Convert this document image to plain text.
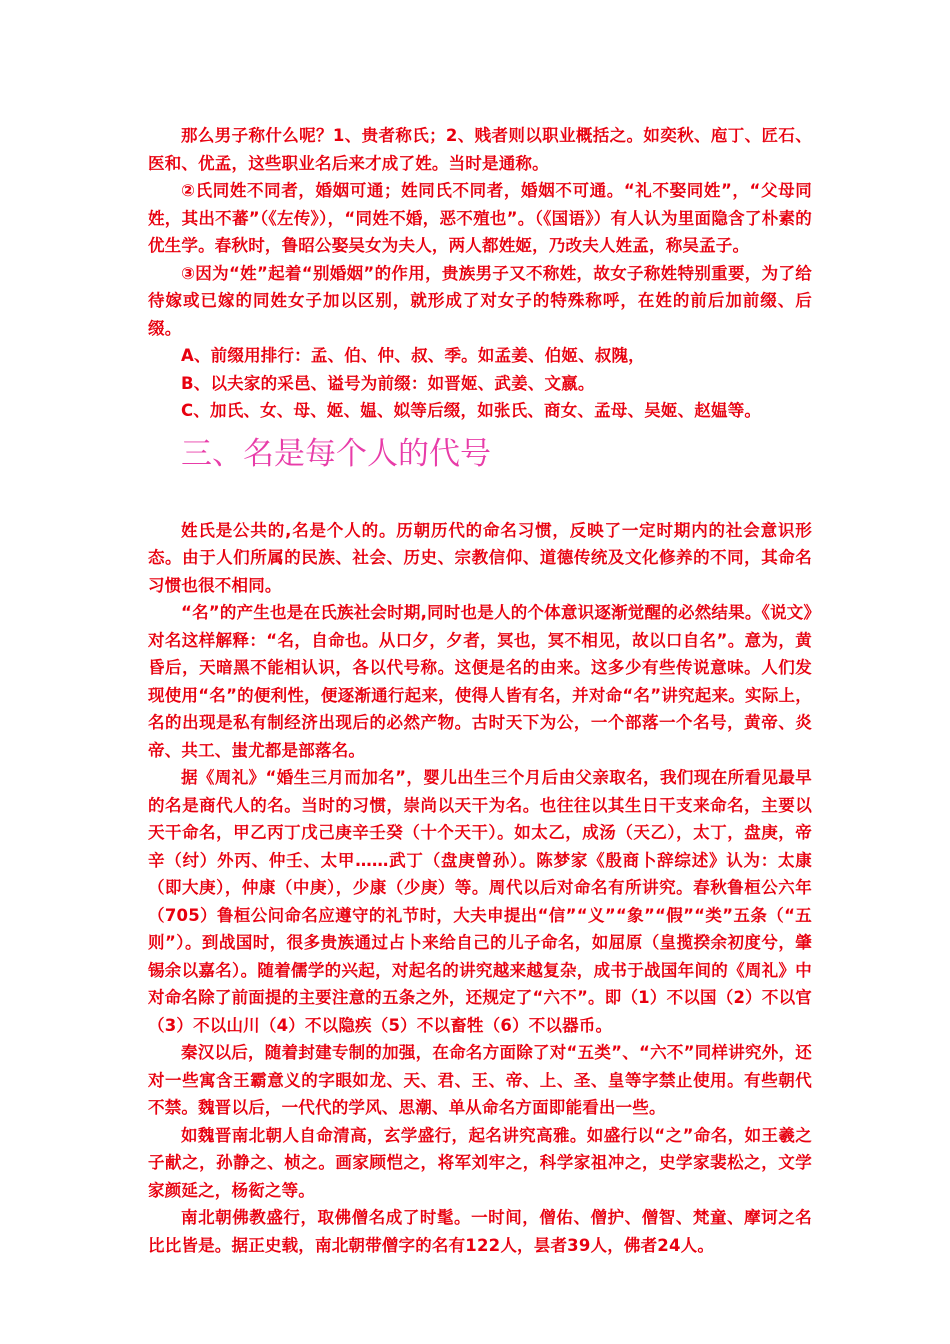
那么男子称什么呢？1、贵者称氏；2、贱者则以职业概括之。如奕秋、庖丁、匠石、医和、优孟，这些职业名后来才成了姓。当时是通称。

②氏同姓不同者，婚姻可通；姓同氏不同者，婚姻不可通。“礼不娶同姓”，“父母同姓，其出不蕃”（《左传》），“同姓不婚，恶不殖也”。（《国语》）有人认为里面隐含了朴素的优生学。春秋时，鲁昭公娶吴女为夫人，两人都姓姬，乃改夫人姓孟，称吴孟子。

③因为“姓”起着“别婚姻”的作用，贵族男子又不称姓，故女子称姓特别重要，为了给待嫁或已嫁的同姓女子加以区别，就形成了对女子的特殊称呼，在姓的前后加前缀、后缀。

A、前缀用排行：孟、伯、仲、叔、季。如孟姜、伯姬、叔隗，

B、以夫家的采邑、谥号为前缀：如晋姬、武姜、文嬴。

C、加氏、女、母、姬、媪、姒等后缀，如张氏、商女、孟母、吴姬、赵媪等。

三、名是每个人的代号

姓氏是公共的,名是个人的。历朝历代的命名习惯，反映了一定时期内的社会意识形态。由于人们所属的民族、社会、历史、宗教信仰、道德传统及文化修养的不同，其命名习惯也很不相同。

“名”的产生也是在氏族社会时期,同时也是人的个体意识逐渐觉醒的必然结果。《说文》对名这样解释：“名，自命也。从口夕，夕者，冥也，冥不相见，故以口自名”。意为，黄昏后，天暗黑不能相认识，各以代号称。这便是名的由来。这多少有些传说意味。人们发现使用“名”的便利性，便逐渐通行起来，使得人皆有名，并对命“名”讲究起来。实际上，名的出现是私有制经济出现后的必然产物。古时天下为公，一个部落一个名号，黄帝、炎帝、共工、蚩尤都是部落名。

据《周礼》“婚生三月而加名”，婴儿出生三个月后由父亲取名，我们现在所看见最早的名是商代人的名。当时的习惯，崇尚以天干为名。也往往以其生日干支来命名，主要以天干命名，甲乙丙丁戊己庚辛壬癸（十个天干）。如太乙，成汤（天乙），太丁，盘庚，帝辛（纣）外丙、仲壬、太甲……武丁（盘庚曾孙）。陈梦家《殷商卜辞综述》认为：太康（即大庚），仲康（中庚），少康（少庚）等。周代以后对命名有所讲究。春秋鲁桓公六年（705）鲁桓公问命名应遵守的礼节时，大夫申提出“信”“义”“象”“假”“类”五条（“五则”）。到战国时，很多贵族通过占卜来给自己的儿子命名，如屈原（皇揽揆余初度兮，肇锡余以嘉名）。随着儒学的兴起，对起名的讲究越来越复杂，成书于战国年间的《周礼》中对命名除了前面提的主要注意的五条之外，还规定了“六不”。即（1）不以国（2）不以官（3）不以山川（4）不以隐疾（5）不以畜牲（6）不以器币。

秦汉以后，随着封建专制的加强，在命名方面除了对“五类”、“六不”同样讲究外，还对一些寓含王霸意义的字眼如龙、天、君、王、帝、上、圣、皇等字禁止使用。有些朝代不禁。魏晋以后，一代代的学风、思潮、单从命名方面即能看出一些。

如魏晋南北朝人自命清高，玄学盛行，起名讲究高雅。如盛行以“之”命名，如王羲之子献之，孙静之、桢之。画家顾恺之，将军刘牢之，科学家祖冲之，史学家裴松之，文学家颜延之，杨衒之等。

南北朝佛教盛行，取佛僧名成了时髦。一时间，僧佑、僧护、僧智、梵童、摩诃之名比比皆是。据正史载，南北朝带僧字的名有122人，昙者39人，佛者24人。
